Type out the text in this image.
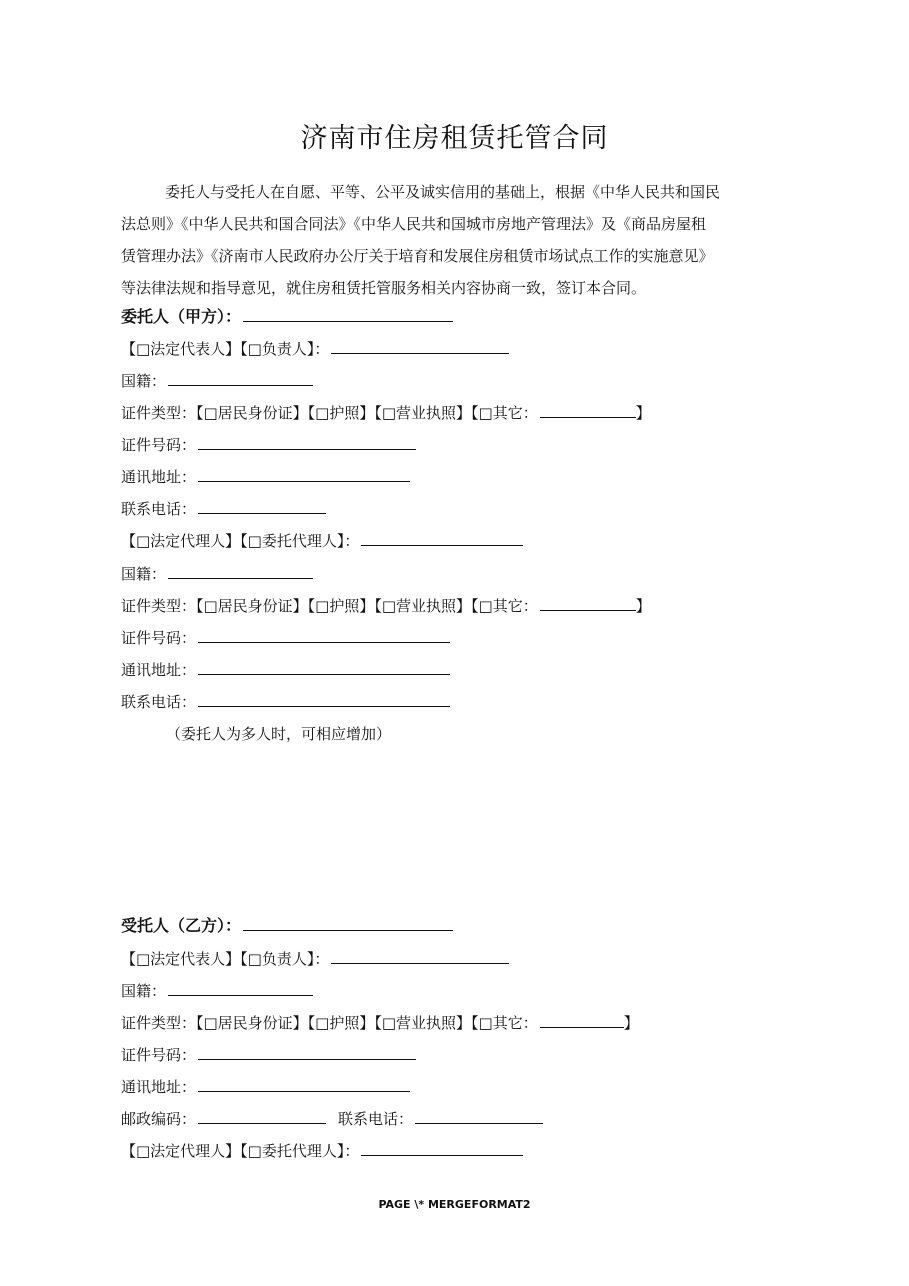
济南市住房租赁托管合同
委托人与受托人在自愿、平等、公平及诚实信用的基础上，根据《中华人民共和国民
法总则》《中华人民共和国合同法》《中华人民共和国城市房地产管理法》及《商品房屋租
赁管理办法》《济南市人民政府办公厅关于培育和发展住房租赁市场试点工作的实施意见》
等法律法规和指导意见，就住房租赁托管服务相关内容协商一致，签订本合同。
委托人（甲方）：
【□法定代表人】【□负责人】：
国籍：
证件类型：【□居民身份证】【□护照】【□营业执照】【□其它：	】
证件号码：
通讯地址：
联系电话：
【□法定代理人】【□委托代理人】：
国籍：
证件类型：【□居民身份证】【□护照】【□营业执照】【□其它：	】
证件号码：
通讯地址：
联系电话：
（委托人为多人时，可相应增加）
受托人（乙方）：
【□法定代表人】【□负责人】：
国籍：
证件类型：【□居民身份证】【□护照】【□营业执照】【□其它：	】
证件号码：
通讯地址：
邮政编码：	联系电话：
【□法定代理人】【□委托代理人】：
PAGE \* MERGEFORMAT2
